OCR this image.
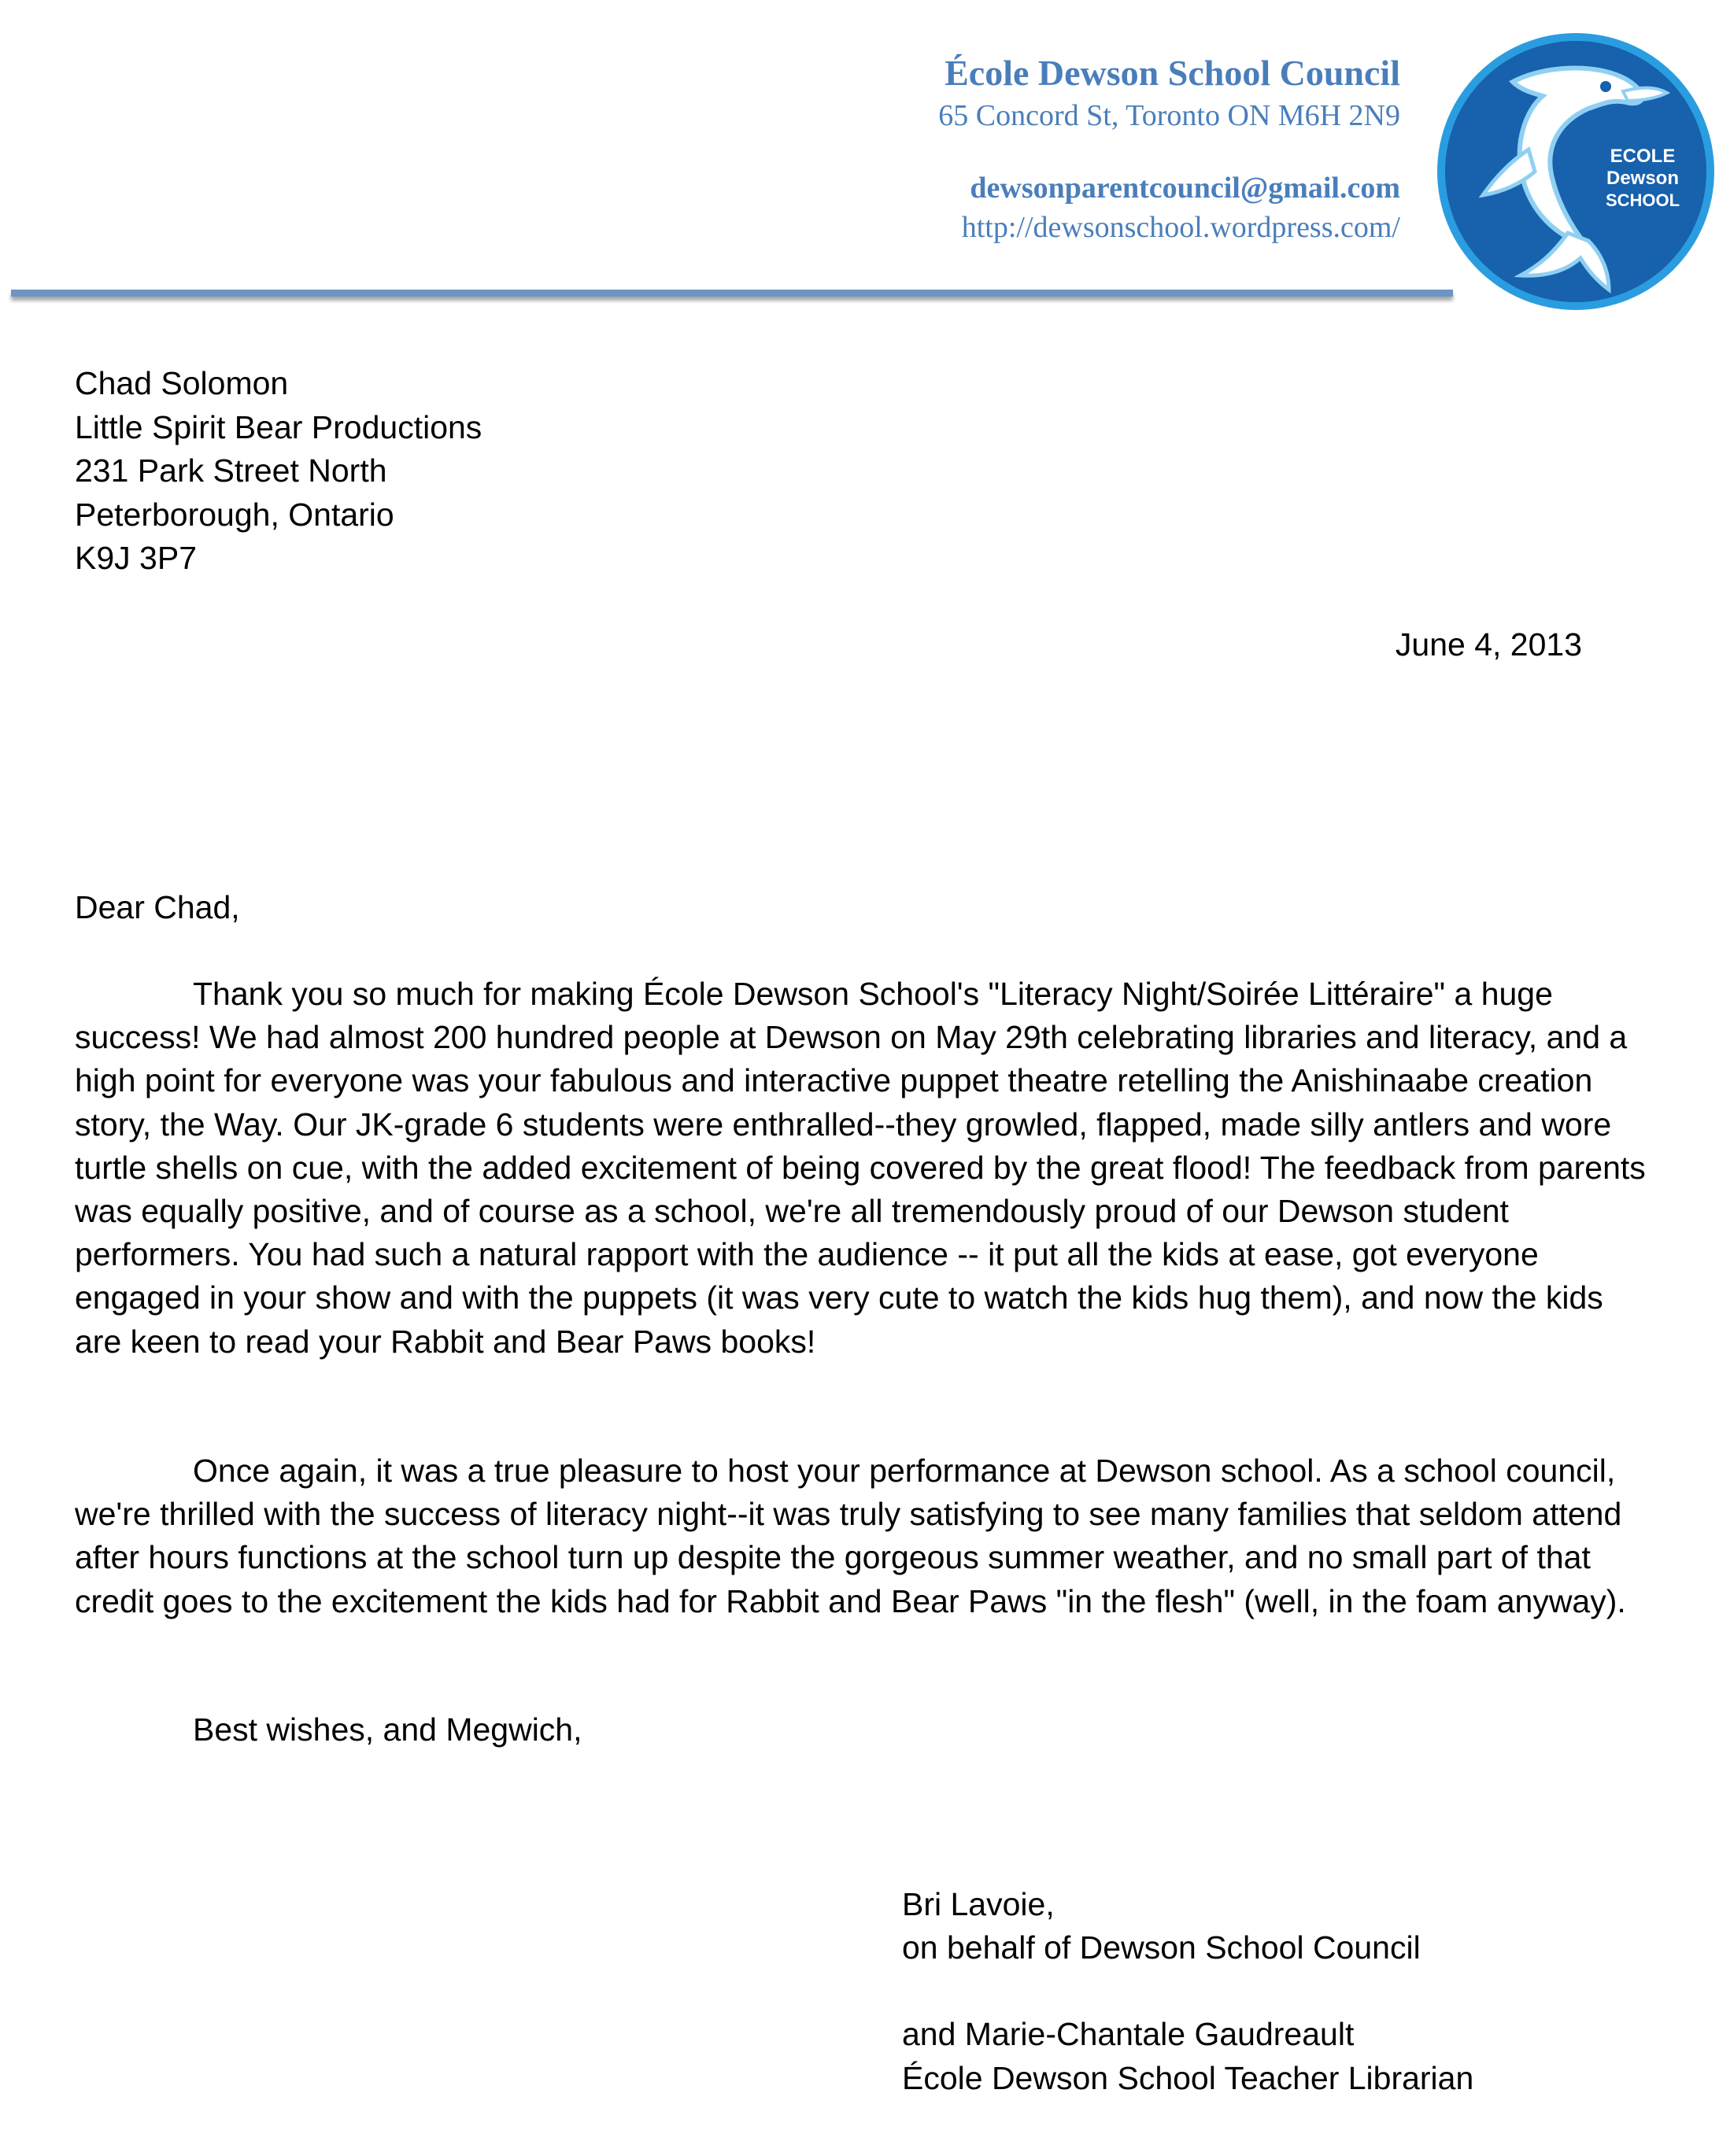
École Dewson School Council
65 Concord St, Toronto ON M6H 2N9
dewsonparentcouncil@gmail.com
http://dewsonschool.wordpress.com/
ECOLE
Dewson
SCHOOL
Chad Solomon
Little Spirit Bear Productions
231 Park Street North
Peterborough, Ontario
K9J 3P7
June 4, 2013
Dear Chad,
Thank you so much for making École Dewson School's "Literacy Night/Soirée Littéraire" a huge success! We had almost 200 hundred people at Dewson on May 29th celebrating libraries and literacy, and a high point for everyone was your fabulous and interactive puppet theatre retelling the Anishinaabe creation story, the Way. Our JK-grade 6 students were enthralled--they growled, flapped, made silly antlers and wore turtle shells on cue, with the added excitement of being covered by the great flood! The feedback from parents was equally positive, and of course as a school, we're all tremendously proud of our Dewson student performers. You had such a natural rapport with the audience -- it put all the kids at ease, got everyone engaged in your show and with the puppets (it was very cute to watch the kids hug them), and now the kids are keen to read your Rabbit and Bear Paws books!
Once again, it was a true pleasure to host your performance at Dewson school. As a school council, we're thrilled with the success of literacy night--it was truly satisfying to see many families that seldom attend after hours functions at the school turn up despite the gorgeous summer weather, and no small part of that credit goes to the excitement the kids had for Rabbit and Bear Paws "in the flesh" (well, in the foam anyway).
Best wishes, and Megwich,
Bri Lavoie,
on behalf of Dewson School Council
and Marie-Chantale Gaudreault
École Dewson School Teacher Librarian
